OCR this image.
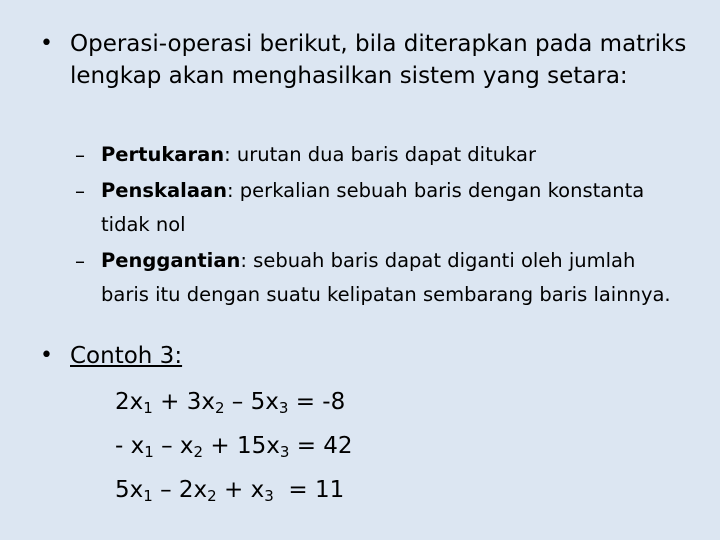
• Operasi-operasi berikut, bila diterapkan pada matriks lengkap akan menghasilkan sistem yang setara:
– Pertukaran: urutan dua baris dapat ditukar
– Penskalaan: perkalian sebuah baris dengan konstanta tidak nol
– Penggantian: sebuah baris dapat diganti oleh jumlah baris itu dengan suatu kelipatan sembarang baris lainnya.
• Contoh 3:
$2x_1 + 3x_2 - 5x_3 = -8$
- $x_1 - x_2 + 15x_3 = 42$
$5x_1 - 2x_2 + x_3 = 11$
